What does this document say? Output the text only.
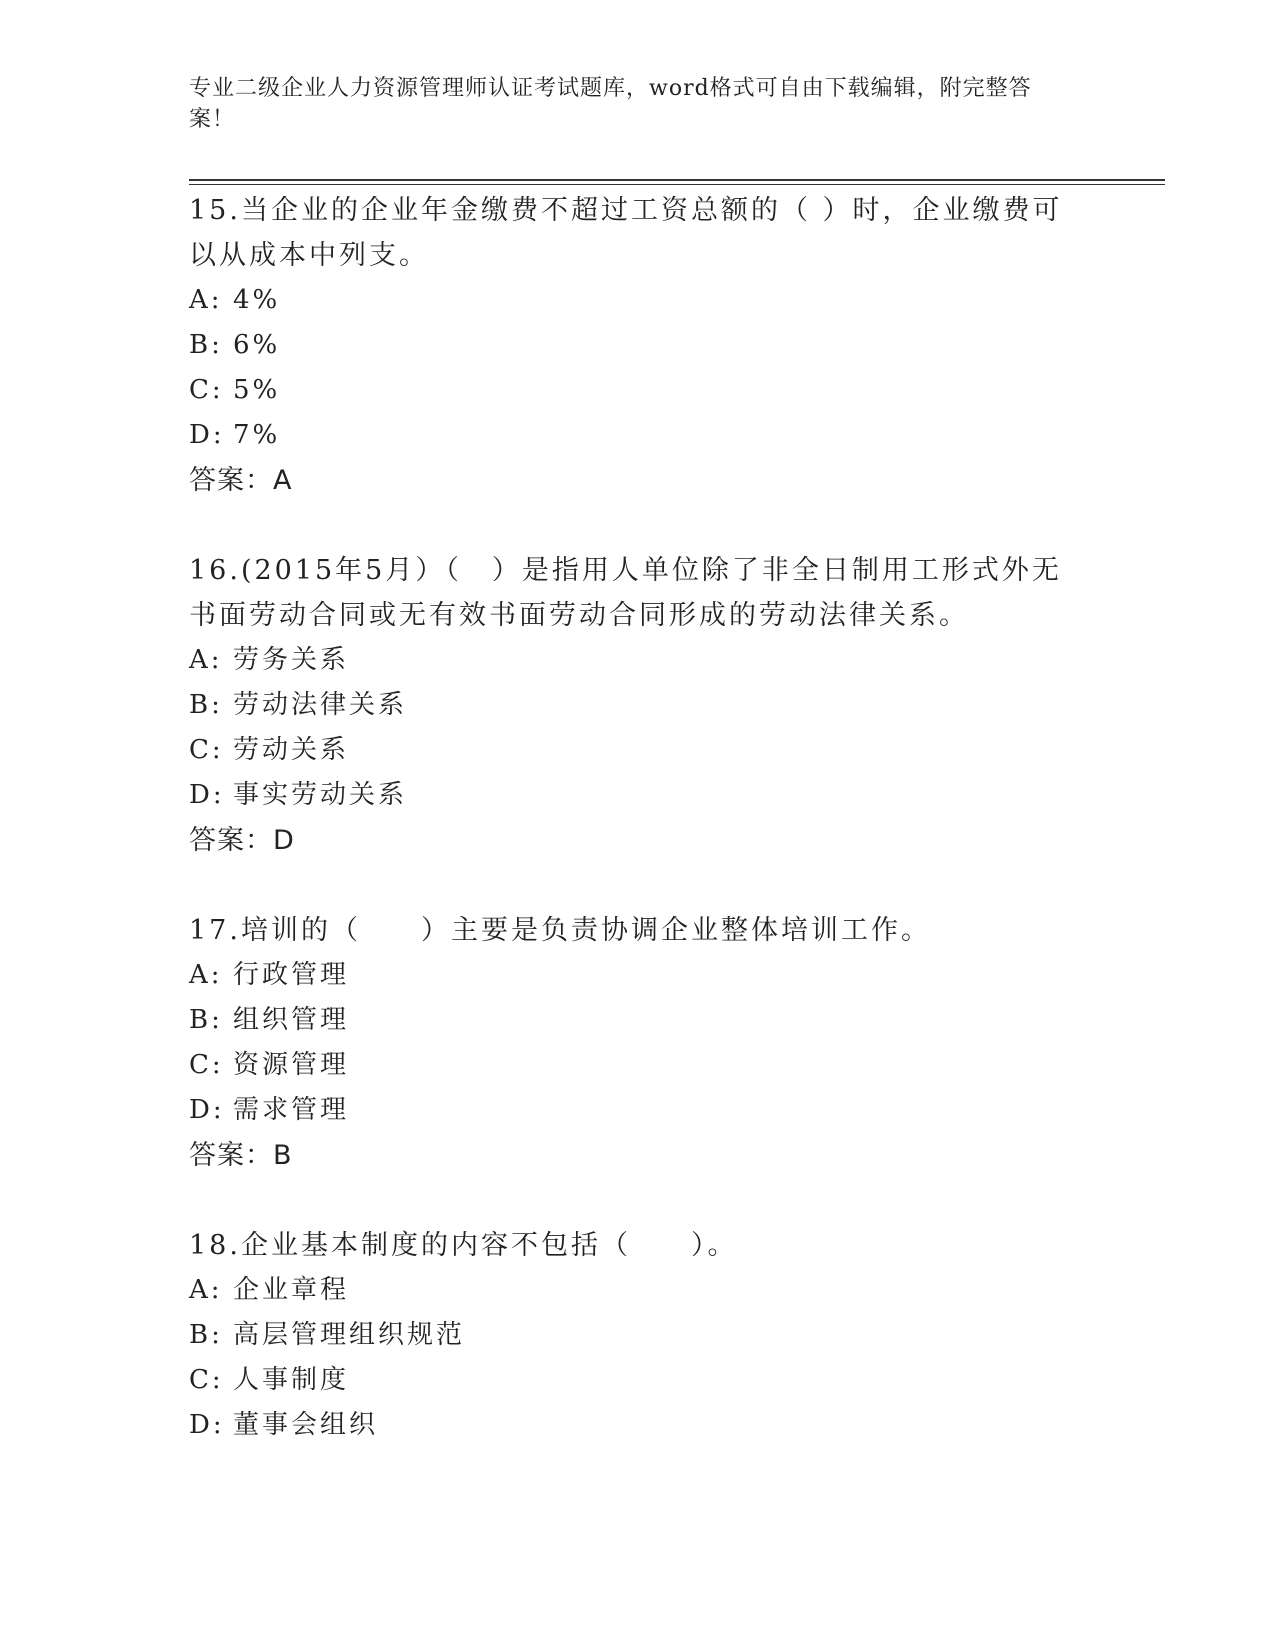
专业二级企业人力资源管理师认证考试题库，word格式可自由下载编辑，附完整答案！

15.当企业的企业年金缴费不超过工资总额的（ ）时，企业缴费可以从成本中列支。

A: 4%
B: 6%
C: 5%
D: 7%

答案：A

16.(2015年5月）（　）是指用人单位除了非全日制用工形式外无书面劳动合同或无有效书面劳动合同形成的劳动法律关系。

A: 劳务关系
B: 劳动法律关系
C: 劳动关系
D: 事实劳动关系

答案：D

17.培训的（　　）主要是负责协调企业整体培训工作。

A: 行政管理
B: 组织管理
C: 资源管理
D: 需求管理

答案：B

18.企业基本制度的内容不包括（　　）。

A: 企业章程
B: 高层管理组织规范
C: 人事制度
D: 董事会组织
